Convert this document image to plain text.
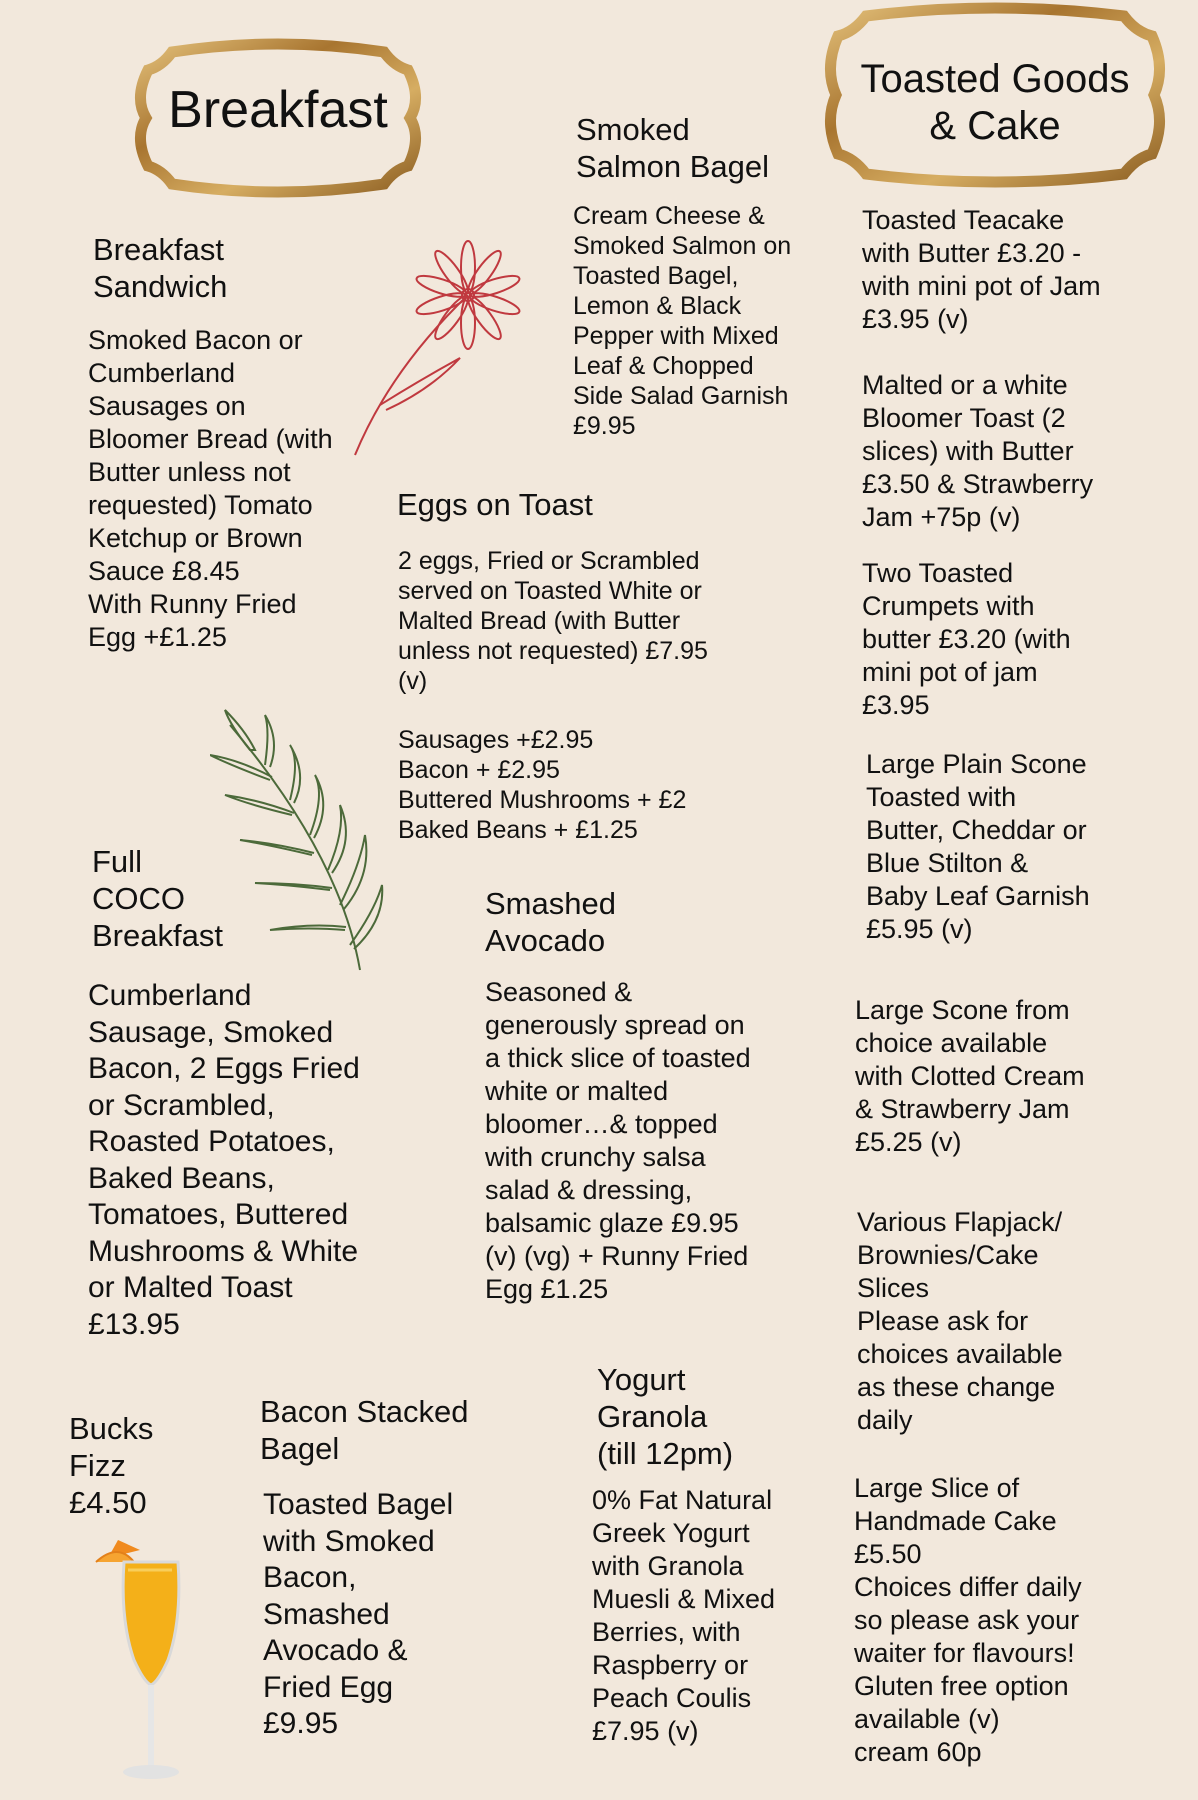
Breakfast
Toasted Goods
& Cake
Breakfast
Sandwich
Smoked Bacon or
Cumberland
Sausages on
Bloomer Bread (with
Butter unless not
requested) Tomato
Ketchup or Brown
Sauce £8.45
With Runny Fried
Egg +£1.25
Smoked
Salmon Bagel
Cream Cheese &
Smoked Salmon on
Toasted Bagel,
Lemon & Black
Pepper with Mixed
Leaf & Chopped
Side Salad Garnish
£9.95
Eggs on Toast
2 eggs, Fried or Scrambled
served on Toasted White or
Malted Bread (with Butter
unless not requested) £7.95
(v)
Sausages +£2.95
Bacon + £2.95
Buttered Mushrooms + £2
Baked Beans + £1.25
Full
COCO
Breakfast
Cumberland
Sausage, Smoked
Bacon, 2 Eggs Fried
or Scrambled,
Roasted Potatoes,
Baked Beans,
Tomatoes, Buttered
Mushrooms & White
or Malted Toast
£13.95
Smashed
Avocado
Seasoned &
generously spread on
a thick slice of toasted
white or malted
bloomer…& topped
with crunchy salsa
salad & dressing,
balsamic glaze £9.95
(v) (vg) + Runny Fried
Egg £1.25
Toasted Teacake
with Butter £3.20 -
with mini pot of Jam
£3.95 (v)
Malted or a white
Bloomer Toast (2
slices) with Butter
£3.50 & Strawberry
Jam +75p (v)
Two Toasted
Crumpets with
butter £3.20 (with
mini pot of jam
£3.95
Large Plain Scone
Toasted with
Butter, Cheddar or
Blue Stilton &
Baby Leaf Garnish
£5.95 (v)
Large Scone from
choice available
with Clotted Cream
& Strawberry Jam
£5.25 (v)
Various Flapjack/
Brownies/Cake
Slices
Please ask for
choices available
as these change
daily
Large Slice of
Handmade Cake
£5.50
Choices differ daily
so please ask your
waiter for flavours!
Gluten free option
available (v)
cream 60p
Bucks
Fizz
£4.50
Bacon Stacked
Bagel
Toasted Bagel
with Smoked
Bacon,
Smashed
Avocado &
Fried Egg
£9.95
Yogurt
Granola
(till 12pm)
0% Fat Natural
Greek Yogurt
with Granola
Muesli & Mixed
Berries, with
Raspberry or
Peach Coulis
£7.95 (v)
